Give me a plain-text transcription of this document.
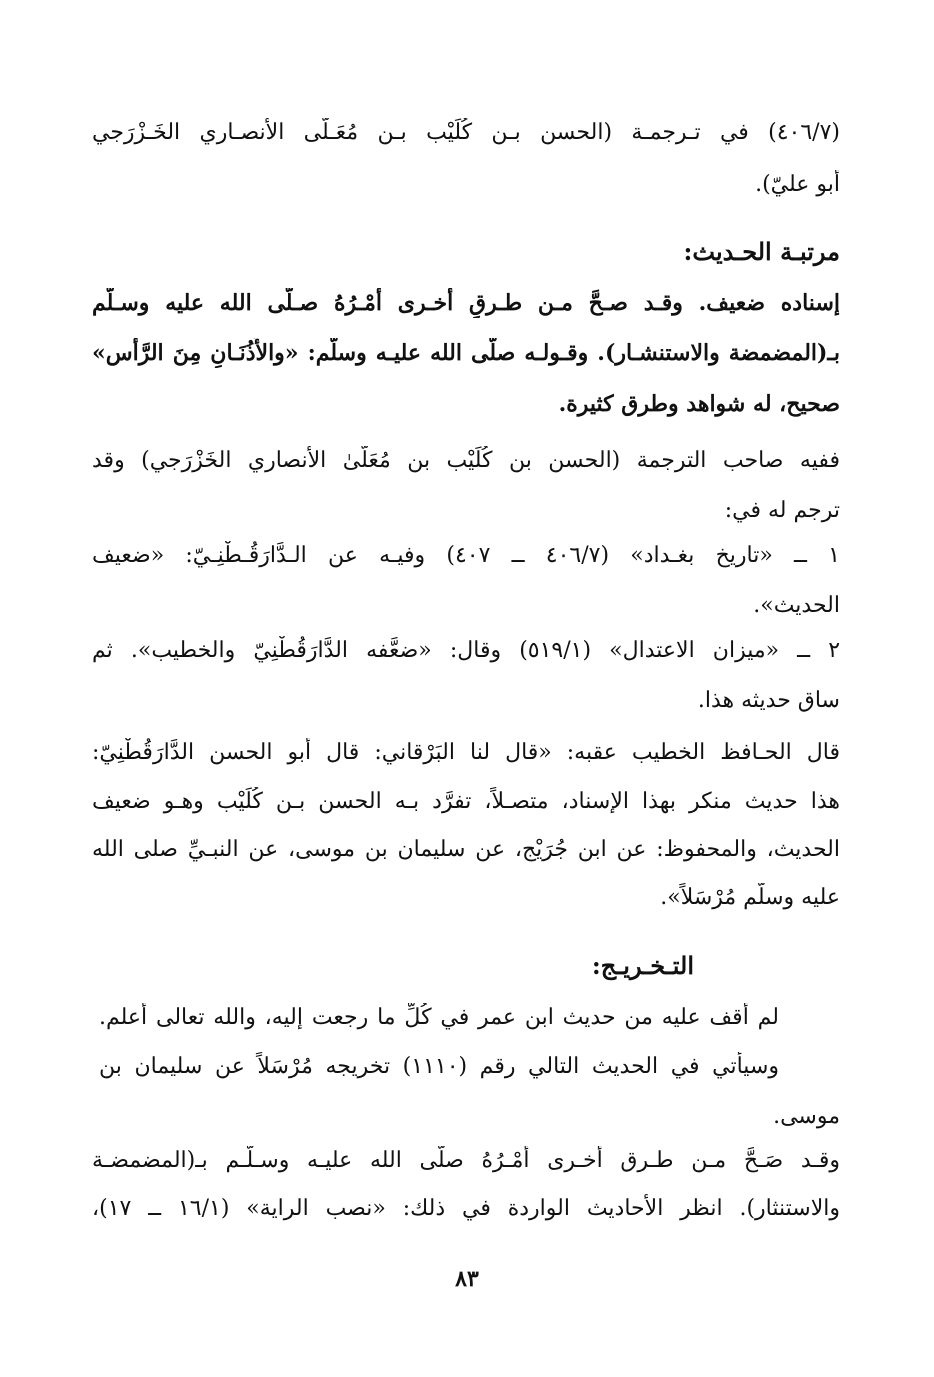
(٤٠٦/٧) في تـرجمـة (الحسن بـن كُلَيْب بـن مُعَـلَّى الأنصـاري الخَـزْرَجي
أبو عليّ).
مرتبـة الحـديث:
إسناده ضعيف. وقـد صـحَّ مـن طـرقٍ أخـرى أَمْـرُهُ صـلَّى الله عليه وسـلَّم
بـ(المضمضة والاستنشـار). وقـولـه صلَّى الله عليـه وسلَّم: «والأُذُنَـانِ مِنَ الرَّأْس»
صحيح، له شواهد وطرق كثيرة.
ففيه صاحب الترجمة (الحسن بن كُلَيْب بن مُعَلَّىٰ الأنصاري الخَزْرَجي) وقد
ترجم له في:
١ ــ «تاريخ بغـداد» (٤٠٦/٧ ــ ٤٠٧) وفيـه عن الـدَّارَقُـطْنِـيّ: «ضعيف
الحديث».
٢ ــ «ميزان الاعتدال» (٥١٩/١) وقال: «ضعَّفه الدَّارَقُطْنِيّ والخطيب». ثم
ساق حديثه هذا.
قال الحـافظ الخطيب عقبه: «قال لنا البَرْقاني: قال أبو الحسن الدَّارَقُطْنِيّ:
هذا حديث منكر بهذا الإسناد، متصـلاً، تفرَّد بـه الحسن بـن كُلَيْب وهـو ضعيف
الحديث، والمحفوظ: عن ابن جُرَيْج، عن سليمان بن موسى، عن النبـيِّ صلى الله
عليه وسلَّم مُرْسَلاً».
التـخـريـج:
لم أقف عليه من حديث ابن عمر في كُلِّ ما رجعت إليه، والله تعالى أعلم.
وسيأتي في الحديث التالي رقم (١١١٠) تخريجه مُرْسَلاً عن سليمان بن
موسى.
وقـد صَـحَّ مـن طـرق أخـرى أَمْـرُهُ صلَّى الله عليـه وسـلَّـم بـ(المضمضـة
والاستنثار). انظر الأحاديث الواردة في ذلك: «نصب الراية» (١٦/١ ــ ١٧)،
٨٣
